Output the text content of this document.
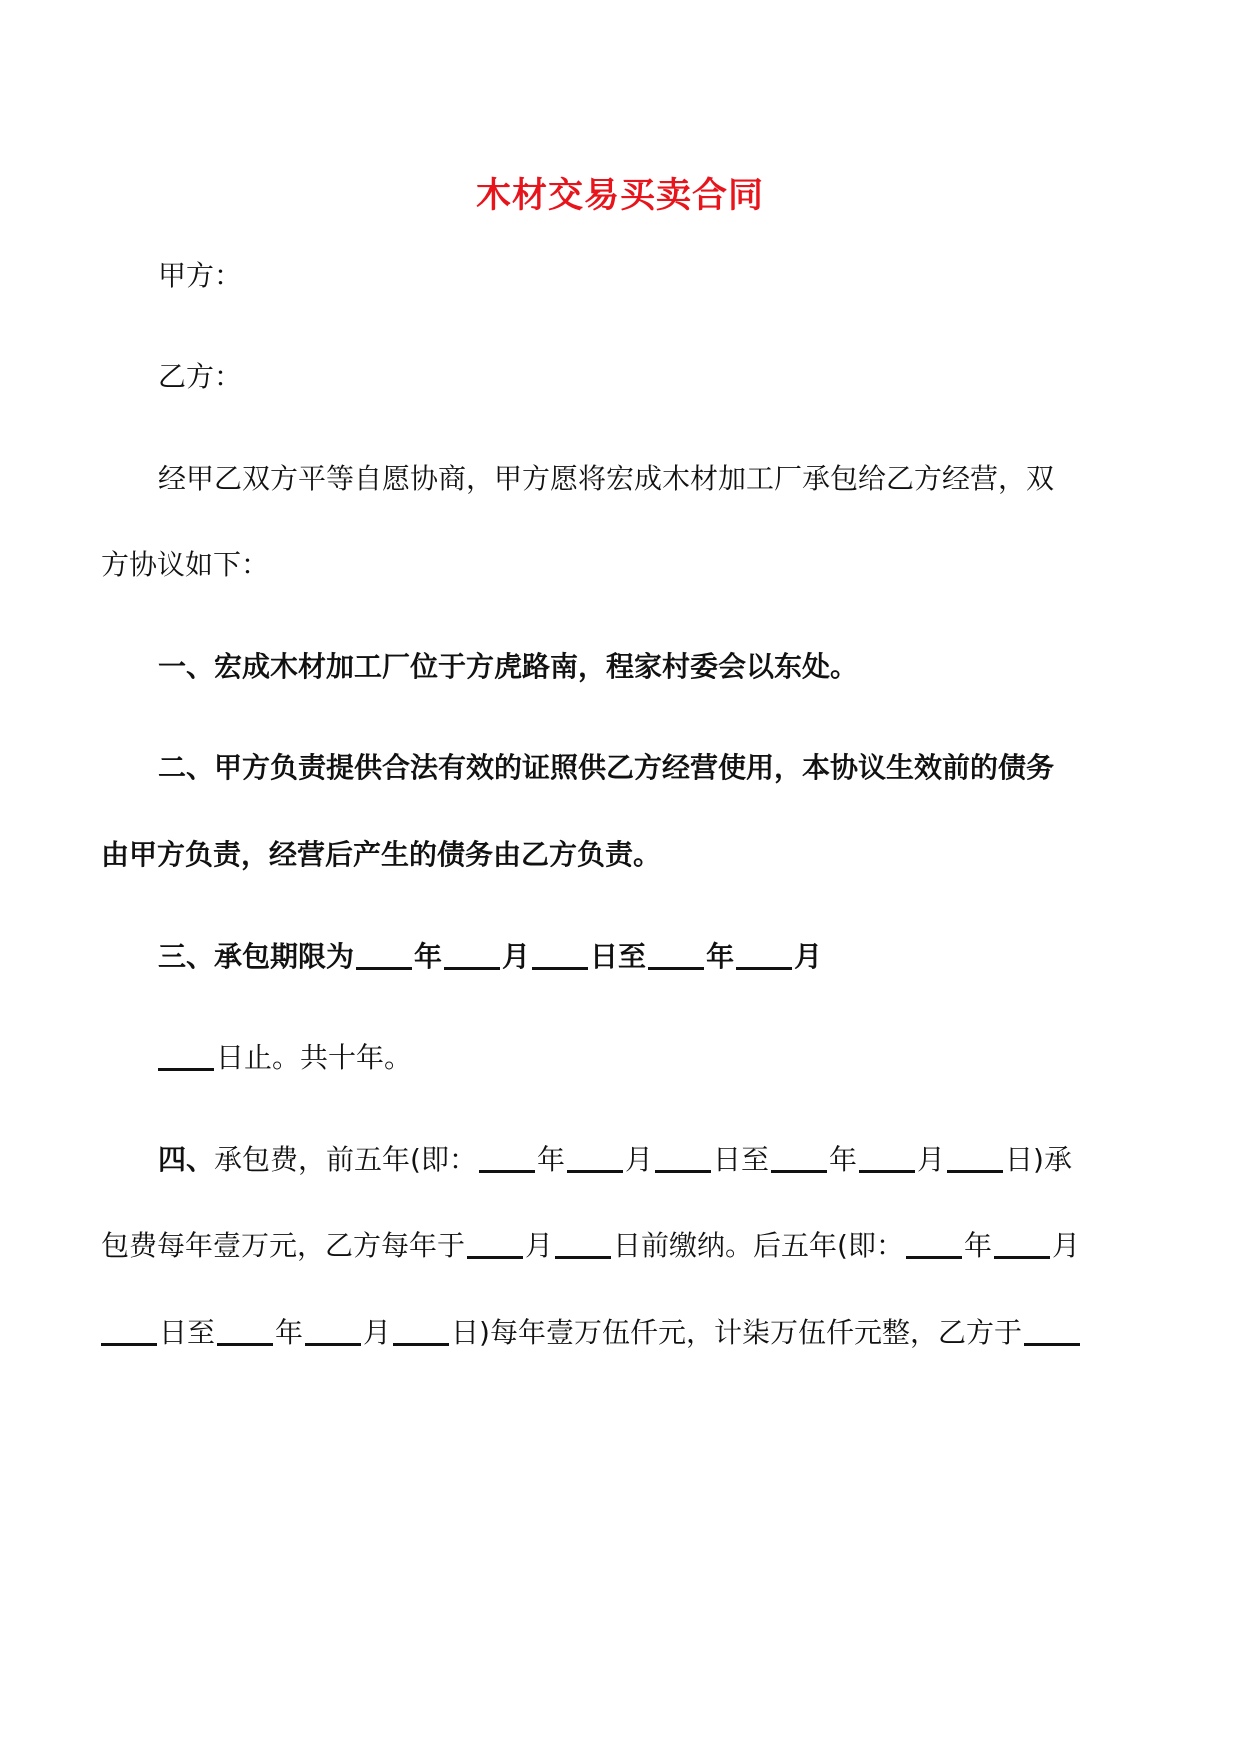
木材交易买卖合同
甲方：
乙方：
经甲乙双方平等自愿协商，甲方愿将宏成木材加工厂承包给乙方经营，双
方协议如下：
一、宏成木材加工厂位于方虎路南，程家村委会以东处。
二、甲方负责提供合法有效的证照供乙方经营使用，本协议生效前的债务
由甲方负责，经营后产生的债务由乙方负责。
三、承包期限为 年 月 日至 年 月
日止。共十年。
四、承包费，前五年(即： 年 月 日至 年 月 日)承
包费每年壹万元，乙方每年于 月 日前缴纳。后五年(即： 年 月
日至 年 月 日)每年壹万伍仟元，计柒万伍仟元整，乙方于
